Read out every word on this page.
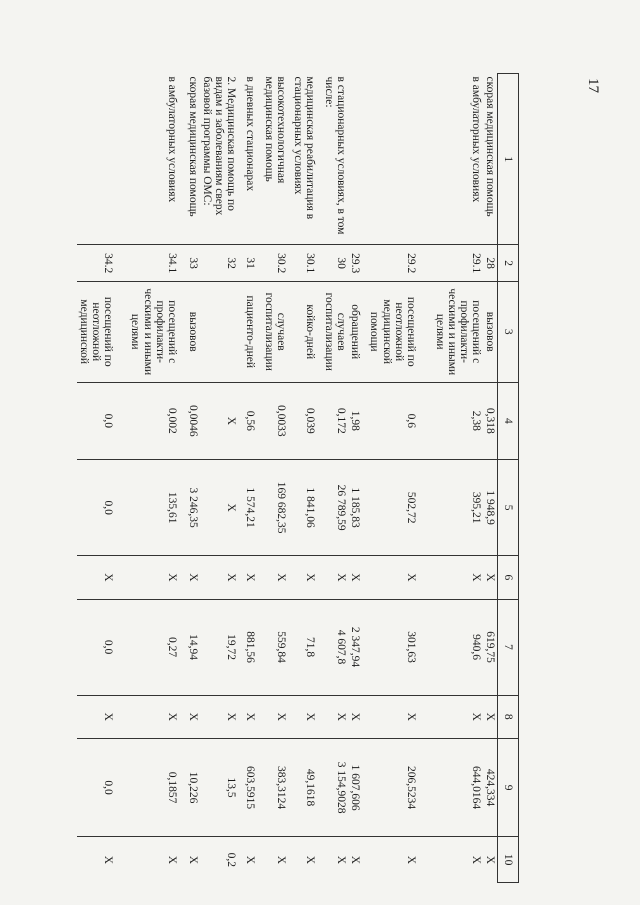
17
1	2	3	4	5	6	7	8	9	10
скорая медицинская помощь	28	вызовов	0,318	1 948,9	Х	619,75	Х	424,334	Х
в амбулаторных условиях	29.1	посещений с профилакти-ческими и иными целями	2,38	395,21	Х	940,6	Х	644,0164	Х
	29.2	посещений по неотложной медицинской помощи	0,6	502,72	Х	301,63	Х	206,5234	Х
	29.3	обращений	1,98	1 185,83	Х	2 347,94	Х	1 607,606	Х
в стационарных условиях, в том числе:	30	случаев госпитализации	0,172	26 789,59	Х	4 607,8	Х	3 154,9028	Х
медицинская реабилитация в стационарных условиях	30.1	койко-дней	0,039	1 841,06	Х	71,8	Х	49,1618	Х
высокотехнологичная медицинская помощь	30.2	случаев госпитализации	0,0033	169 682,35	Х	559,84	Х	383,3124	Х
в дневных стационарах	31	пациенто-дней	0,56	1 574,21	Х	881,56	Х	603,5915	Х
2. Медицинская помощь по видам и заболеваниям сверх базовой программы ОМС:	32		Х	Х	Х	19,72	Х	13,5	0,2
скорая медицинская помощь	33	вызовов	0,0046	3 246,35	Х	14,94	Х	10,226	Х
в амбулаторных условиях	34.1	посещений с профилакти-ческими и иными целями	0,002	135,61	Х	0,27	Х	0,1857	Х
	34.2	посещений по неотложной медицинской	0,0	0,0	Х	0,0	Х	0,0	Х
